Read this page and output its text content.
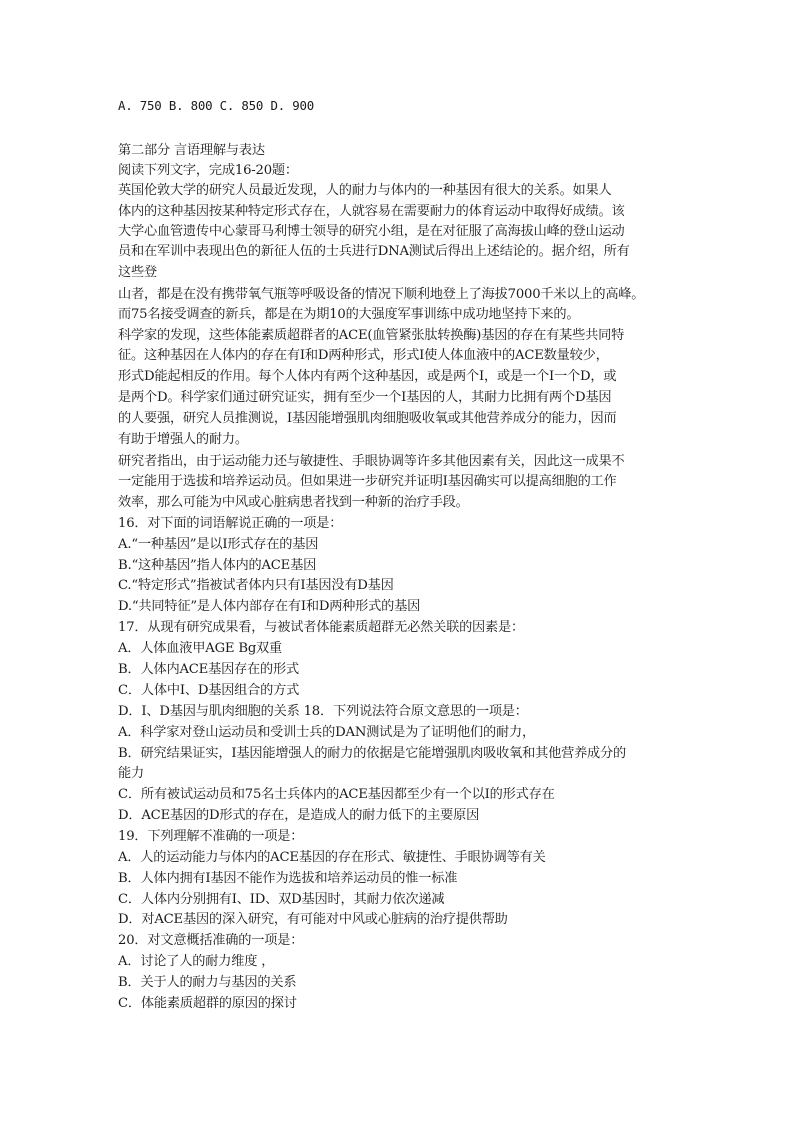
A. 750 B. 800 C. 850 D. 900
第二部分 言语理解与表达
阅读下列文字，完成16-20题：
英国伦敦大学的研究人员最近发现，人的耐力与体内的一种基因有很大的关系。如果人
体内的这种基因按某种特定形式存在，人就容易在需要耐力的体育运动中取得好成绩。该
大学心血管遗传中心蒙哥马利博士领导的研究小组，是在对征服了高海拔山峰的登山运动
员和在军训中表现出色的新征人伍的士兵进行DNA测试后得出上述结论的。据介绍，所有
这些登
山者，都是在没有携带氧气瓶等呼吸设备的情况下顺利地登上了海拔7000千米以上的高峰。
而75名接受调查的新兵，都是在为期10的大强度军事训练中成功地坚持下来的。
科学家的发现，这些体能素质超群者的ACE(血管紧张肽转换酶)基因的存在有某些共同特
征。这种基因在人体内的存在有I和D两种形式，形式I使人体血液中的ACE数量较少，
形式D能起相反的作用。每个人体内有两个这种基因，或是两个I，或是一个I一个D，或
是两个D。科学家们通过研究证实，拥有至少一个I基因的人，其耐力比拥有两个D基因
的人要强，研究人员推测说，I基因能增强肌肉细胞吸收氧或其他营养成分的能力，因而
有助于增强人的耐力。
研究者指出，由于运动能力还与敏捷性、手眼协调等许多其他因素有关，因此这一成果不
一定能用于选拔和培养运动员。但如果进一步研究并证明I基因确实可以提高细胞的工作
效率，那么可能为中风或心脏病患者找到一种新的治疗手段。
16．对下面的词语解说正确的一项是：
A.“一种基因”是以I形式存在的基因
B.“这种基因”指人体内的ACE基因
C.“特定形式”指被试者体内只有I基因没有D基因
D.“共同特征”是人体内部存在有I和D两种形式的基因
17．从现有研究成果看，与被试者体能素质超群无必然关联的因素是：
A．人体血液甲AGE Bg双重
B．人体内ACE基因存在的形式
C．人体中I、D基因组合的方式
D．I、D基因与肌肉细胞的关系 18．下列说法符合原文意思的一项是：
A．科学家对登山运动员和受训士兵的DAN测试是为了证明他们的耐力，
B．研究结果证实，I基因能增强人的耐力的依据是它能增强肌肉吸收氧和其他营养成分的
能力
C．所有被试运动员和75名士兵体内的ACE基因都至少有一个以I的形式存在
D．ACE基因的D形式的存在，是造成人的耐力低下的主要原因
19．下列理解不准确的一项是：
A．人的运动能力与体内的ACE基因的存在形式、敏捷性、手眼协调等有关
B．人体内拥有I基因不能作为选拔和培养运动员的惟一标准
C．人体内分别拥有I、ID、双D基因时，其耐力依次递减
D．对ACE基因的深入研究，有可能对中风或心脏病的治疗提供帮助
20．对文意概括准确的一项是：
A．讨论了人的耐力维度 ，
B．关于人的耐力与基因的关系
C．体能素质超群的原因的探讨
